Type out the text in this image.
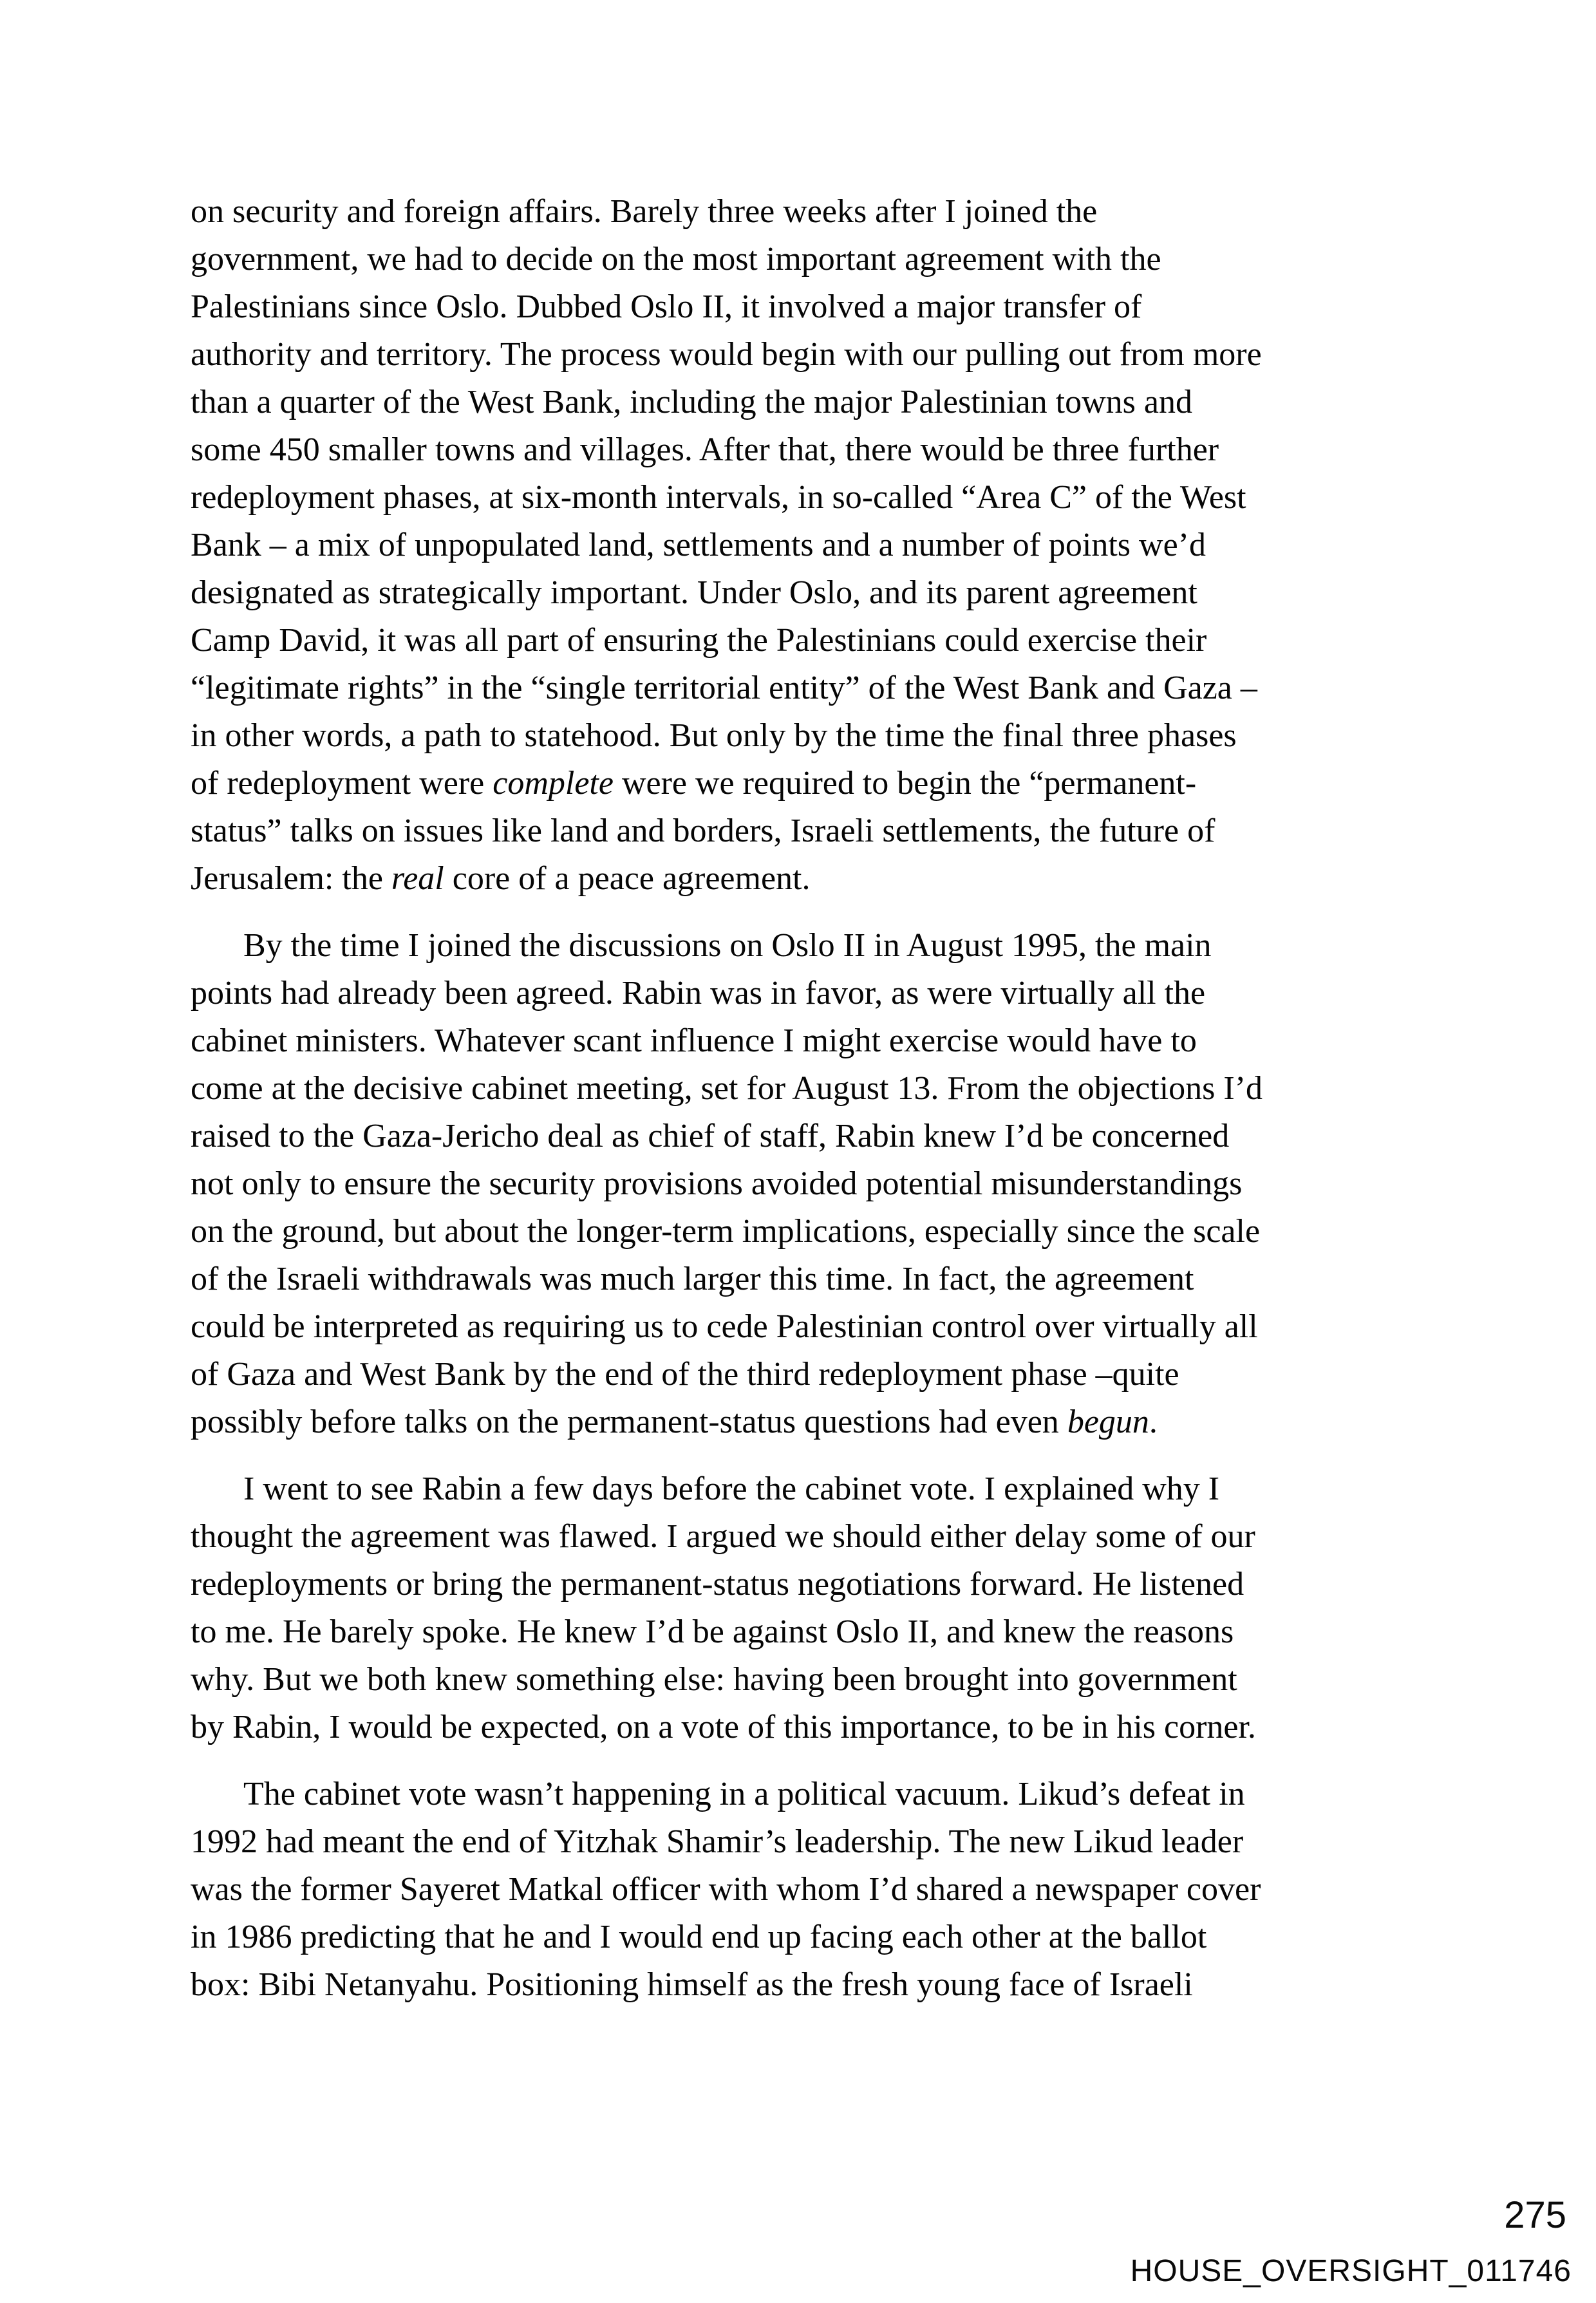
on security and foreign affairs. Barely three weeks after I joined the
government, we had to decide on the most important agreement with the
Palestinians since Oslo. Dubbed Oslo II, it involved a major transfer of
authority and territory. The process would begin with our pulling out from more
than a quarter of the West Bank, including the major Palestinian towns and
some 450 smaller towns and villages. After that, there would be three further
redeployment phases, at six-month intervals, in so-called “Area C” of the West
Bank – a mix of unpopulated land, settlements and a number of points we’d
designated as strategically important. Under Oslo, and its parent agreement
Camp David, it was all part of ensuring the Palestinians could exercise their
“legitimate rights” in the “single territorial entity” of the West Bank and Gaza –
in other words, a path to statehood. But only by the time the final three phases
of redeployment were complete were we required to begin the “permanent-
status” talks on issues like land and borders, Israeli settlements, the future of
Jerusalem: the real core of a peace agreement.
By the time I joined the discussions on Oslo II in August 1995, the main
points had already been agreed. Rabin was in favor, as were virtually all the
cabinet ministers. Whatever scant influence I might exercise would have to
come at the decisive cabinet meeting, set for August 13. From the objections I’d
raised to the Gaza-Jericho deal as chief of staff, Rabin knew I’d be concerned
not only to ensure the security provisions avoided potential misunderstandings
on the ground, but about the longer-term implications, especially since the scale
of the Israeli withdrawals was much larger this time. In fact, the agreement
could be interpreted as requiring us to cede Palestinian control over virtually all
of Gaza and West Bank by the end of the third redeployment phase –quite
possibly before talks on the permanent-status questions had even begun.
I went to see Rabin a few days before the cabinet vote. I explained why I
thought the agreement was flawed. I argued we should either delay some of our
redeployments or bring the permanent-status negotiations forward. He listened
to me. He barely spoke. He knew I’d be against Oslo II, and knew the reasons
why. But we both knew something else: having been brought into government
by Rabin, I would be expected, on a vote of this importance, to be in his corner.
The cabinet vote wasn’t happening in a political vacuum. Likud’s defeat in
1992 had meant the end of Yitzhak Shamir’s leadership. The new Likud leader
was the former Sayeret Matkal officer with whom I’d shared a newspaper cover
in 1986 predicting that he and I would end up facing each other at the ballot
box: Bibi Netanyahu. Positioning himself as the fresh young face of Israeli
275
HOUSE_OVERSIGHT_011746
